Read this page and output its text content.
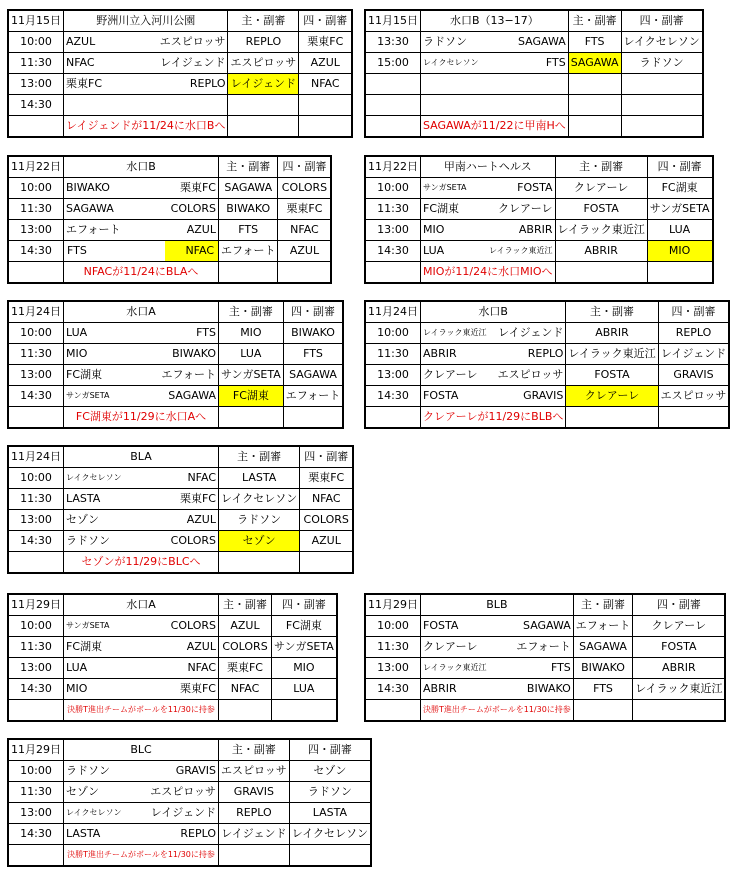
11月15日	野洲川立入河川公園	主・副審	四・副審
10:00	AZUL エスピロッサ	REPLO	栗東FC
11:30	NFAC レイジェンド	エスピロッサ	AZUL
13:00	栗東FC REPLO	レイジェンド	NFAC
14:30	

	レイジェンドが11/24に水口Bへ		
11月15日	水口B（13−17）	主・副審	四・副審
13:30	ラドソン SAGAWA	FTS	レイクセレソン
15:00	レイクセレソン FTS	SAGAWA	ラドソン

	SAGAWAが11/22に甲南Hへ		
11月22日	水口B	主・副審	四・副審
10:00	BIWAKO 栗東FC	SAGAWA	COLORS
11:30	SAGAWA COLORS	BIWAKO	栗東FC
13:00	エフォート AZUL	FTS	NFAC
14:30	FTS NFAC	エフォート	AZUL
	NFACが11/24にBLAへ		
11月22日	甲南ハートヘルス	主・副審	四・副審
10:00	サンガSETA FOSTA	クレアーレ	FC湖東
11:30	FC湖東 クレアーレ	FOSTA	サンガSETA
13:00	MIO ABRIR	レイラック東近江	LUA
14:30	LUA レイラック東近江	ABRIR	MIO
	MIOが11/24に水口MIOへ		
11月24日	水口A	主・副審	四・副審
10:00	LUA FTS	MIO	BIWAKO
11:30	MIO BIWAKO	LUA	FTS
13:00	FC湖東 エフォート	サンガSETA	SAGAWA
14:30	サンガSETA SAGAWA	FC湖東	エフォート
	FC湖東が11/29に水口Aへ		
11月24日	水口B	主・副審	四・副審
10:00	レイラック東近江 レイジェンド	ABRIR	REPLO
11:30	ABRIR REPLO	レイラック東近江	レイジェンド
13:00	クレアーレ エスピロッサ	FOSTA	GRAVIS
14:30	FOSTA GRAVIS	クレアーレ	エスピロッサ
	クレアーレが11/29にBLBへ		
11月24日	BLA	主・副審	四・副審
10:00	レイクセレソン NFAC	LASTA	栗東FC
11:30	LASTA 栗東FC	レイクセレソン	NFAC
13:00	セゾン AZUL	ラドソン	COLORS
14:30	ラドソン COLORS	セゾン	AZUL
	セゾンが11/29にBLCへ		
11月29日	水口A	主・副審	四・副審
10:00	サンガSETA COLORS	AZUL	FC湖東
11:30	FC湖東 AZUL	COLORS	サンガSETA
13:00	LUA NFAC	栗東FC	MIO
14:30	MIO 栗東FC	NFAC	LUA
	決勝T進出チームがボールを11/30に持参		
11月29日	BLB	主・副審	四・副審
10:00	FOSTA SAGAWA	エフォート	クレアーレ
11:30	クレアーレ エフォート	SAGAWA	FOSTA
13:00	レイラック東近江 FTS	BIWAKO	ABRIR
14:30	ABRIR BIWAKO	FTS	レイラック東近江
	決勝T進出チームがボールを11/30に持参		
11月29日	BLC	主・副審	四・副審
10:00	ラドソン GRAVIS	エスピロッサ	セゾン
11:30	セゾン エスピロッサ	GRAVIS	ラドソン
13:00	レイクセレソン レイジェンド	REPLO	LASTA
14:30	LASTA REPLO	レイジェンド	レイクセレソン
	決勝T進出チームがボールを11/30に持参		
